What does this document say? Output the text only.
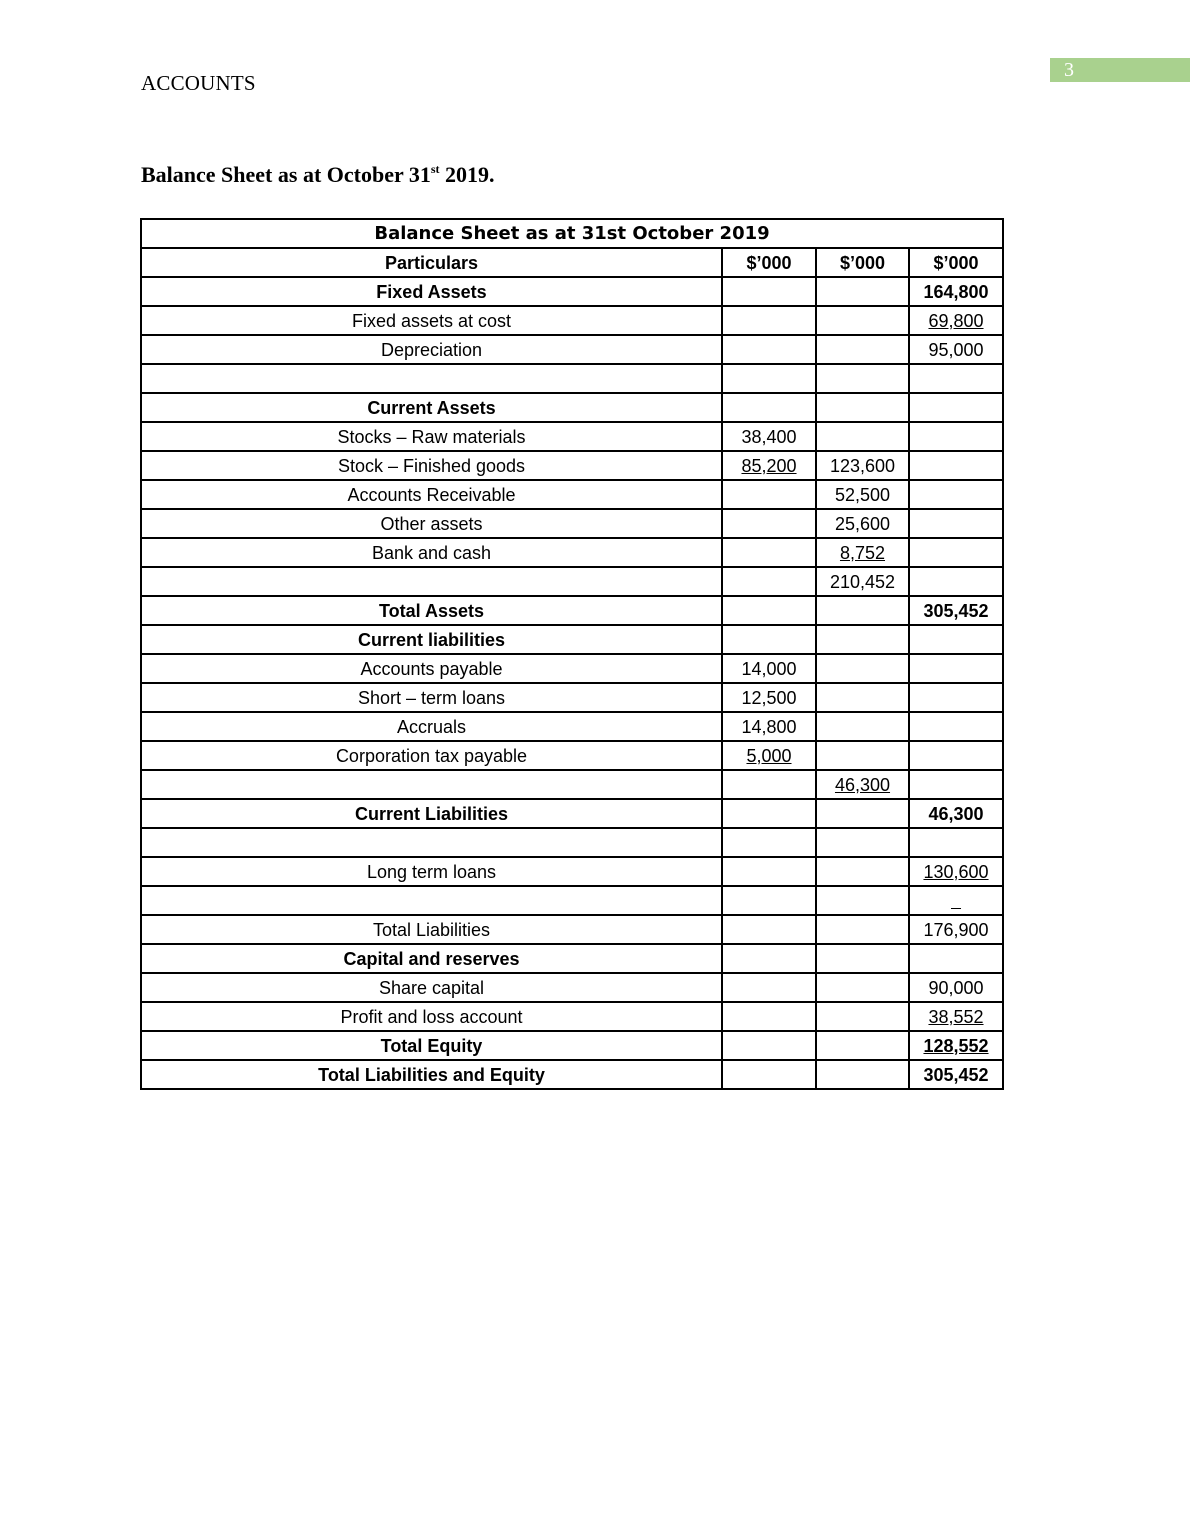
ACCOUNTS
3
Balance Sheet as at October 31st 2019.
Balance Sheet as at 31st October 2019			
Particulars	$’000	$’000	$’000
Fixed Assets			164,800
Fixed assets at cost			69,800
Depreciation			95,000

Current Assets			
Stocks – Raw materials	38,400		
Stock – Finished goods	85,200	123,600	
Accounts Receivable		52,500	
Other assets		25,600	
Bank and cash		8,752	
		210,452	
Total Assets			305,452
Current liabilities			
Accounts payable	14,000		
Short – term loans	12,500		
Accruals	14,800		
Corporation tax payable	5,000		
		46,300	
Current Liabilities			46,300

Long term loans			130,600

Total Liabilities			176,900
Capital and reserves			
Share capital			90,000
Profit and loss account			38,552
Total Equity			128,552
Total Liabilities and Equity			305,452
